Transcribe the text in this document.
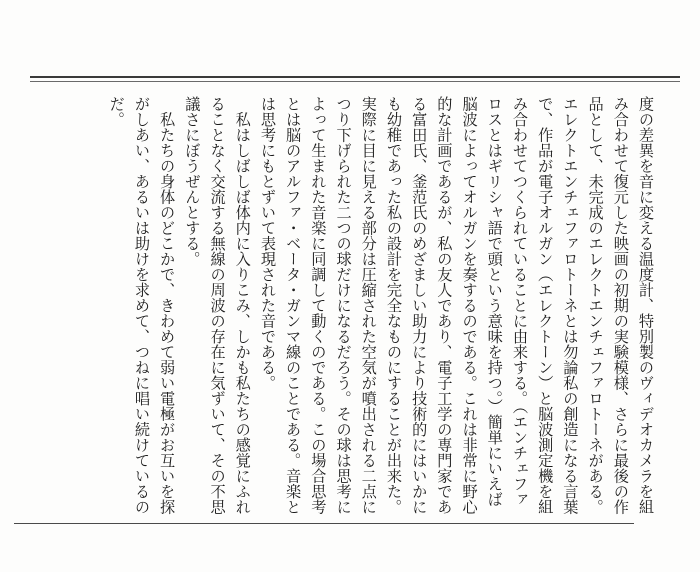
度の差異を音に変える温度計、特別製のヴィデオカメラを組み合わせて復元した映画の初期の実験模様、さらに最後の作品として、未完成のエレクトエンチェファロトーネがある。エレクトエンチェファロトーネとは勿論私の創造になる言葉で、作品が電子オルガン（エレクトーン）と脳波測定機を組み合わせてつくられていることに由来する。（エンチェファロスとはギリシャ語で頭という意味を持つ。）簡単にいえば脳波によってオルガンを奏するのである。これは非常に野心的な計画であるが、私の友人であり、電子工学の専門家である富田氏、釜范氏のめざましい助力により技術的にはいかにも幼稚であった私の設計を完全なものにすることが出来た。実際に目に見える部分は圧縮された空気が噴出される二点につり下げられた二つの球だけになるだろう。その球は思考によって生まれた音楽に同調して動くのである。この場合思考とは脳のアルファ・ベータ・ガンマ線のことである。音楽とは思考にもとずいて表現された音である。

　私はしばしば体内に入りこみ、しかも私たちの感覚にふれることなく交流する無線の周波の存在に気ずいて、その不思議さにぼうぜんとする。

　私たちの身体のどこかで、きわめて弱い電極がお互いを探がしあい、あるいは助けを求めて、つねに唱い続けているのだ。
